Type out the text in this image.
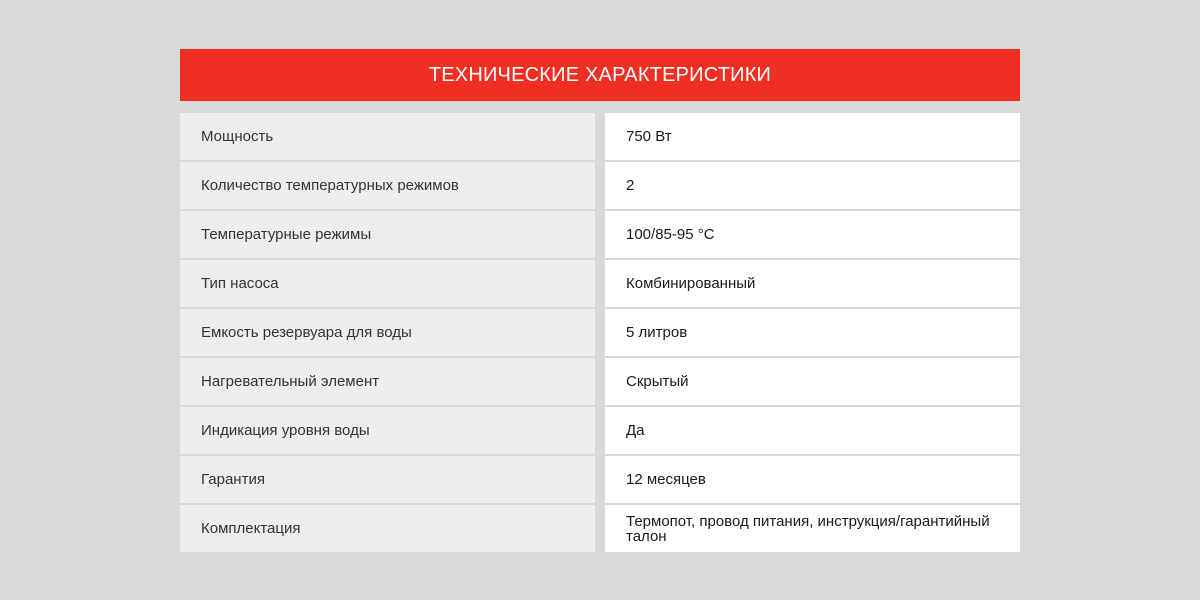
ТЕХНИЧЕСКИЕ ХАРАКТЕРИСТИКИ
Мощность	750 Вт
Количество температурных режимов	2
Температурные режимы	100/85-95 °C
Тип насоса	Комбинированный
Емкость резервуара для воды	5 литров
Нагревательный элемент	Скрытый
Индикация уровня воды	Да
Гарантия	12 месяцев
Комплектация	Термопот, провод питания, инструкция/гарантийный талон
